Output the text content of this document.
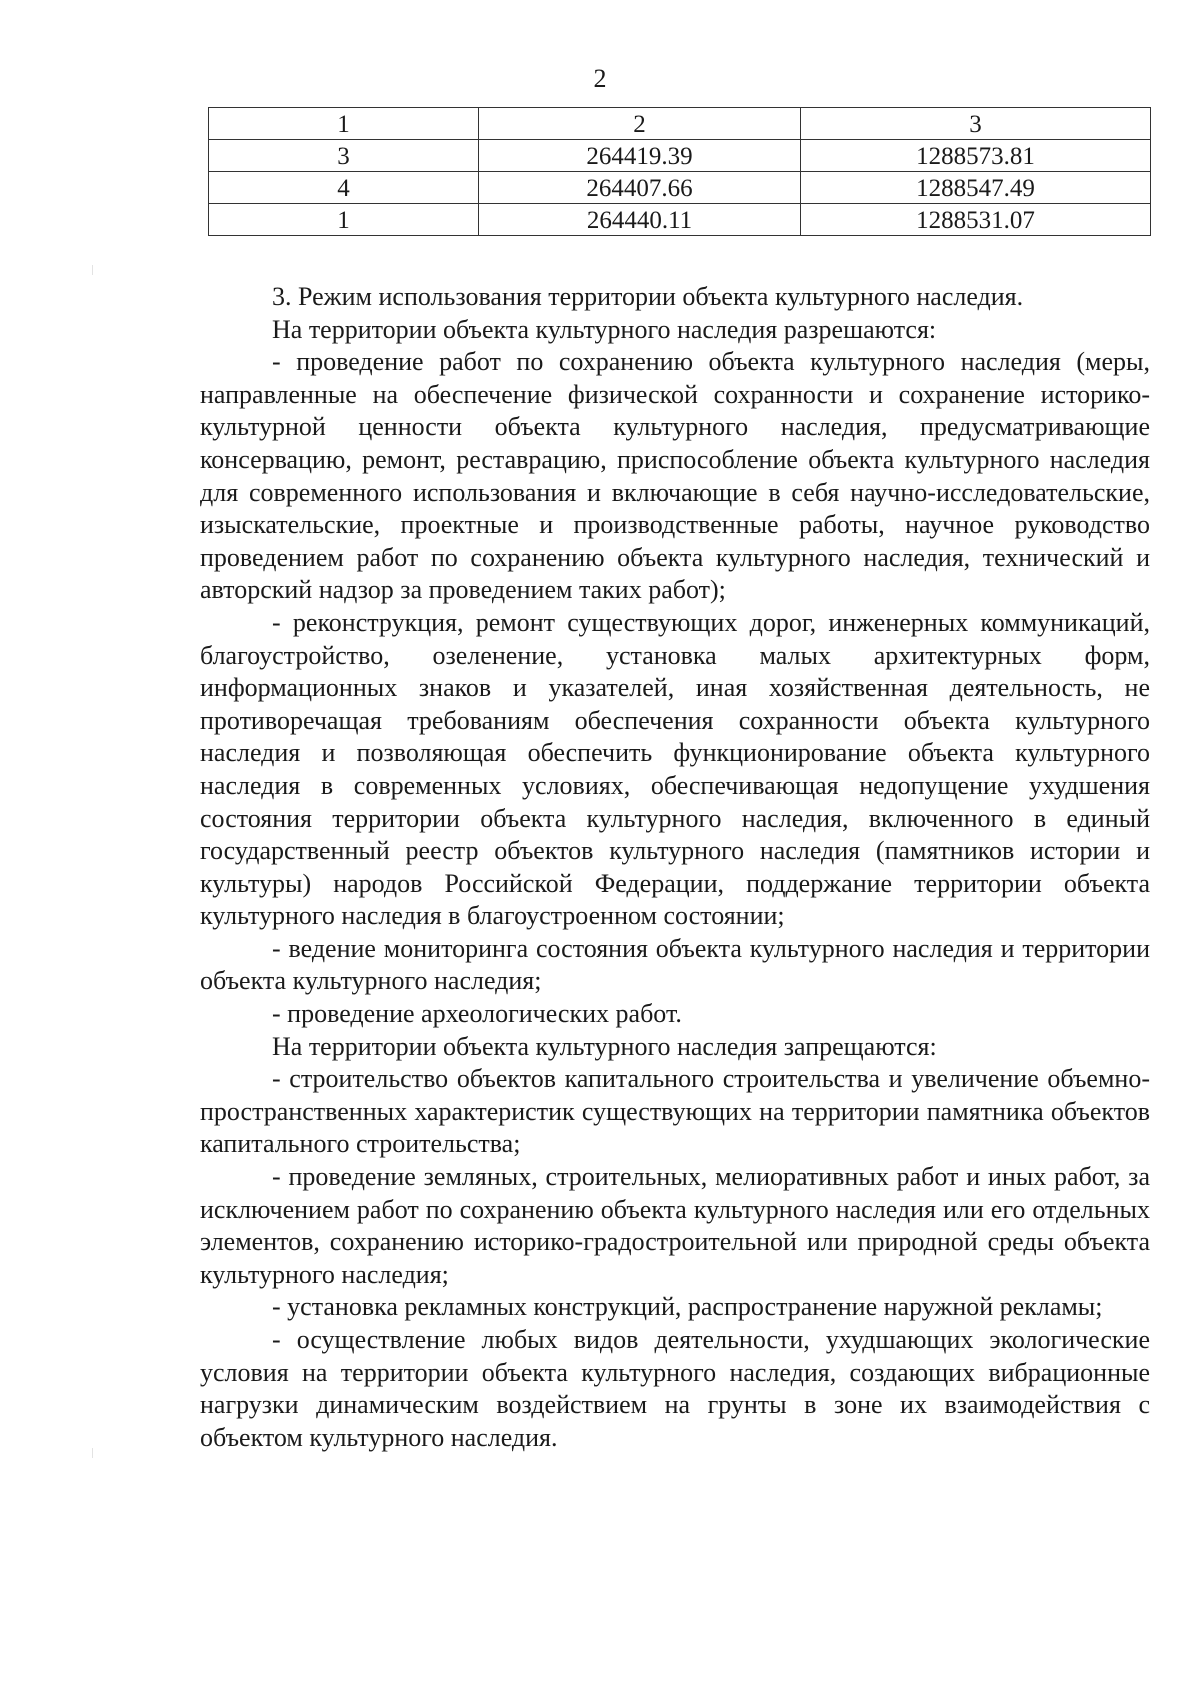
2
1	2	3
3	264419.39	1288573.81
4	264407.66	1288547.49
1	264440.11	1288531.07

3. Режим использования территории объекта культурного наследия.

На территории объекта культурного наследия разрешаются:

- проведение работ по сохранению объекта культурного наследия (меры, направленные на обеспечение физической сохранности и сохранение историко-культурной ценности объекта культурного наследия, предусматривающие консервацию, ремонт, реставрацию, приспособление объекта культурного наследия для современного использования и включающие в себя научно-исследовательские, изыскательские, проектные и производственные работы, научное руководство проведением работ по сохранению объекта культурного наследия, технический и авторский надзор за проведением таких работ);

- реконструкция, ремонт существующих дорог, инженерных коммуникаций, благоустройство, озеленение, установка малых архитектурных форм, информационных знаков и указателей, иная хозяйственная деятельность, не противоречащая требованиям обеспечения сохранности объекта культурного наследия и позволяющая обеспечить функционирование объекта культурного наследия в современных условиях, обеспечивающая недопущение ухудшения состояния территории объекта культурного наследия, включенного в единый государственный реестр объектов культурного наследия (памятников истории и культуры) народов Российской Федерации, поддержание территории объекта культурного наследия в благоустроенном состоянии;

- ведение мониторинга состояния объекта культурного наследия и территории объекта культурного наследия;

- проведение археологических работ.

На территории объекта культурного наследия запрещаются:

- строительство объектов капитального строительства и увеличение объемно-пространственных характеристик существующих на территории памятника объектов капитального строительства;

- проведение земляных, строительных, мелиоративных работ и иных работ, за исключением работ по сохранению объекта культурного наследия или его отдельных элементов, сохранению историко-градостроительной или природной среды объекта культурного наследия;

- установка рекламных конструкций, распространение наружной рекламы;

- осуществление любых видов деятельности, ухудшающих экологические условия на территории объекта культурного наследия, создающих вибрационные нагрузки динамическим воздействием на грунты в зоне их взаимодействия с объектом культурного наследия.
